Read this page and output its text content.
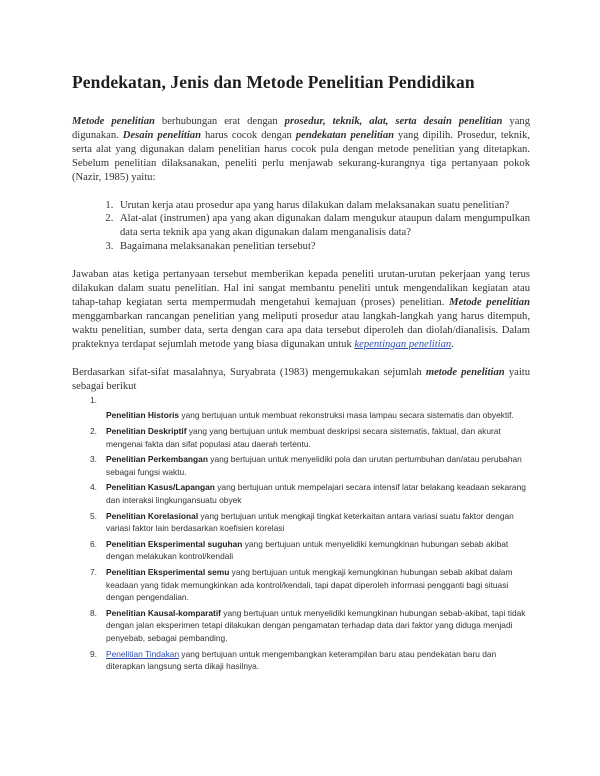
Pendekatan, Jenis dan Metode Penelitian Pendidikan

Metode penelitian berhubungan erat dengan prosedur, teknik, alat, serta desain penelitian yang digunakan. Desain penelitian harus cocok dengan pendekatan penelitian yang dipilih. Prosedur, teknik, serta alat yang digunakan dalam penelitian harus cocok pula dengan metode penelitian yang ditetapkan. Sebelum penelitian dilaksanakan, peneliti perlu menjawab sekurang-kurangnya tiga pertanyaan pokok (Nazir, 1985) yaitu:

1. Urutan kerja atau prosedur apa yang harus dilakukan dalam melaksanakan suatu penelitian?
2. Alat-alat (instrumen) apa yang akan digunakan dalam mengukur ataupun dalam mengumpulkan data serta teknik apa yang akan digunakan dalam menganalisis data?
3. Bagaimana melaksanakan penelitian tersebut?

Jawaban atas ketiga pertanyaan tersebut memberikan kepada peneliti urutan-urutan pekerjaan yang terus dilakukan dalam suatu penelitian. Hal ini sangat membantu peneliti untuk mengendalikan kegiatan atau tahap-tahap kegiatan serta mempermudah mengetahui kemajuan (proses) penelitian. Metode penelitian menggambarkan rancangan penelitian yang meliputi prosedur atau langkah-langkah yang harus ditempuh, waktu penelitian, sumber data, serta dengan cara apa data tersebut diperoleh dan diolah/dianalisis. Dalam prakteknya terdapat sejumlah metode yang biasa digunakan untuk kepentingan penelitian.

Berdasarkan sifat-sifat masalahnya, Suryabrata (1983) mengemukakan sejumlah metode penelitian yaitu sebagai berikut

1.
Penelitian Historis yang bertujuan untuk membuat rekonstruksi masa lampau secara sistematis dan obyektif.
2. Penelitian Deskriptif yang yang bertujuan untuk membuat deskripsi secara sistematis, faktual, dan akurat mengenai fakta dan sifat populasi atau daerah tertentu.
3. Penelitian Perkembangan yang bertujuan untuk menyelidiki pola dan urutan pertumbuhan dan/atau perubahan sebagai fungsi waktu.
4. Penelitian Kasus/Lapangan yang bertujuan untuk mempelajari secara intensif latar belakang keadaan sekarang dan interaksi lingkungansuatu obyek
5. Penelitian Korelasional yang bertujuan untuk mengkaji tingkat keterkaitan antara variasi suatu faktor dengan variasi faktor lain berdasarkan koefisien korelasi
6. Penelitian Eksperimental suguhan yang bertujuan untuk menyelidiki kemungkinan hubungan sebab akibat dengan melakukan kontrol/kendali
7. Penelitian Eksperimental semu yang bertujuan untuk mengkaji kemungkinan hubungan sebab akibat dalam keadaan yang tidak memungkinkan ada kontrol/kendali, tapi dapat diperoleh informasi pengganti bagi situasi dengan pengendalian.
8. Penelitian Kausal-komparatif yang bertujuan untuk menyelidiki kemungkinan hubungan sebab-akibat, tapi tidak dengan jalan eksperimen tetapi dilakukan dengan pengamatan terhadap data dari faktor yang diduga menjadi penyebab, sebagai pembanding.
9. Penelitian Tindakan yang bertujuan untuk mengembangkan keterampilan baru atau pendekatan baru dan diterapkan langsung serta dikaji hasilnya.
